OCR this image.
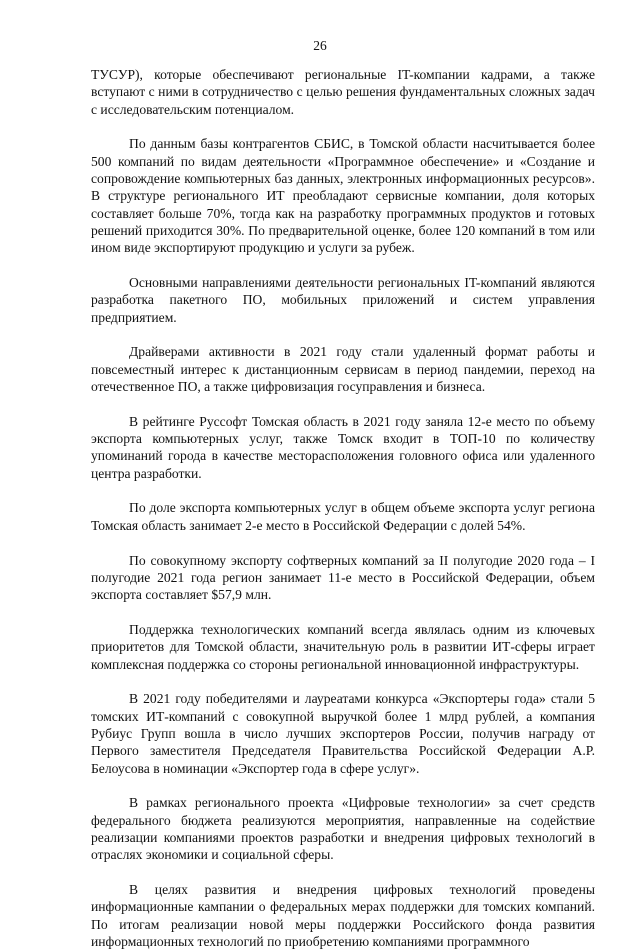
26

ТУСУР), которые обеспечивают региональные IT-компании кадрами, а также вступают с ними в сотрудничество с целью решения фундаментальных сложных задач с исследовательским потенциалом.

По данным базы контрагентов СБИС, в Томской области насчитывается более 500 компаний по видам деятельности «Программное обеспечение» и «Создание и сопровождение компьютерных баз данных, электронных информационных ресурсов». В структуре регионального ИТ преобладают сервисные компании, доля которых составляет больше 70%, тогда как на разработку программных продуктов и готовых решений приходится 30%. По предварительной оценке, более 120 компаний в том или ином виде экспортируют продукцию и услуги за рубеж.

Основными направлениями деятельности региональных IT-компаний являются разработка пакетного ПО, мобильных приложений и систем управления предприятием.

Драйверами активности в 2021 году стали удаленный формат работы и повсеместный интерес к дистанционным сервисам в период пандемии, переход на отечественное ПО, а также цифровизация госуправления и бизнеса.

В рейтинге Руссофт Томская область в 2021 году заняла 12-е место по объему экспорта компьютерных услуг, также Томск входит в ТОП-10 по количеству упоминаний города в качестве месторасположения головного офиса или удаленного центра разработки.

По доле экспорта компьютерных услуг в общем объеме экспорта услуг региона Томская область занимает 2-е место в Российской Федерации с долей 54%.

По совокупному экспорту софтверных компаний за II полугодие 2020 года – I полугодие 2021 года регион занимает 11-е место в Российской Федерации, объем экспорта составляет $57,9 млн.

Поддержка технологических компаний всегда являлась одним из ключевых приоритетов для Томской области, значительную роль в развитии ИТ-сферы играет комплексная поддержка со стороны региональной инновационной инфраструктуры.

В 2021 году победителями и лауреатами конкурса «Экспортеры года» стали 5 томских ИТ-компаний с совокупной выручкой более 1 млрд рублей, а компания Рубиус Групп вошла в число лучших экспортеров России, получив награду от Первого заместителя Председателя Правительства Российской Федерации А.Р. Белоусова в номинации «Экспортер года в сфере услуг».

В рамках регионального проекта «Цифровые технологии» за счет средств федерального бюджета реализуются мероприятия, направленные на содействие реализации компаниями проектов разработки и внедрения цифровых технологий в отраслях экономики и социальной сферы.

В целях развития и внедрения цифровых технологий проведены информационные кампании о федеральных мерах поддержки для томских компаний. По итогам реализации новой меры поддержки Российского фонда развития информационных технологий по приобретению компаниями программного
